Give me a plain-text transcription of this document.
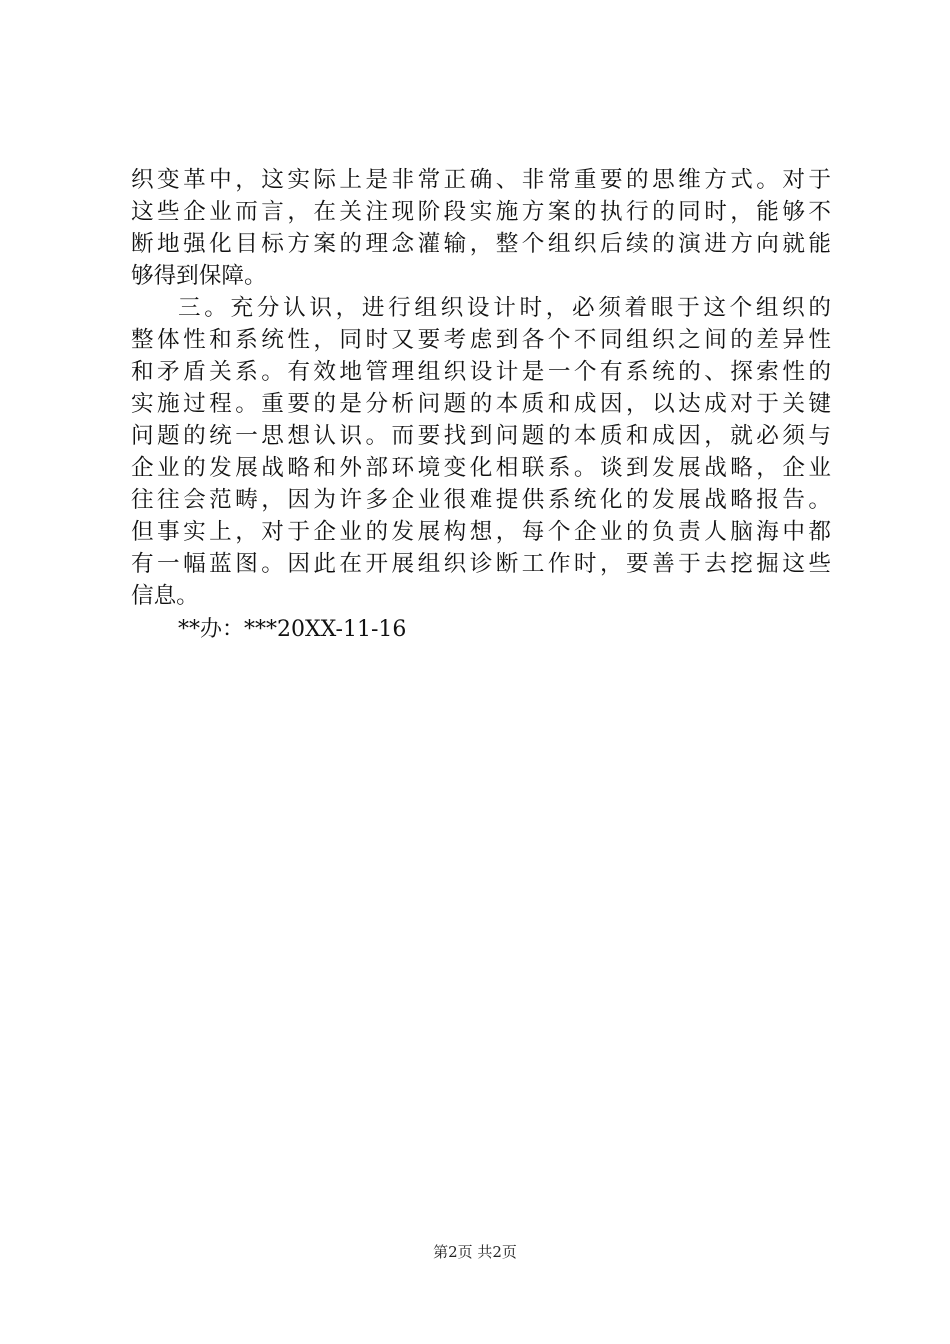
织变革中，这实际上是非常正确、非常重要的思维方式。对于
这些企业而言，在关注现阶段实施方案的执行的同时，能够不
断地强化目标方案的理念灌输，整个组织后续的演进方向就能
够得到保障。
三。充分认识，进行组织设计时，必须着眼于这个组织的
整体性和系统性，同时又要考虑到各个不同组织之间的差异性
和矛盾关系。有效地管理组织设计是一个有系统的、探索性的
实施过程。重要的是分析问题的本质和成因，以达成对于关键
问题的统一思想认识。而要找到问题的本质和成因，就必须与
企业的发展战略和外部环境变化相联系。谈到发展战略，企业
往往会范畴，因为许多企业很难提供系统化的发展战略报告。
但事实上，对于企业的发展构想，每个企业的负责人脑海中都
有一幅蓝图。因此在开展组织诊断工作时，要善于去挖掘这些
信息。
**办：***20XX-11-16
第2页 共2页
